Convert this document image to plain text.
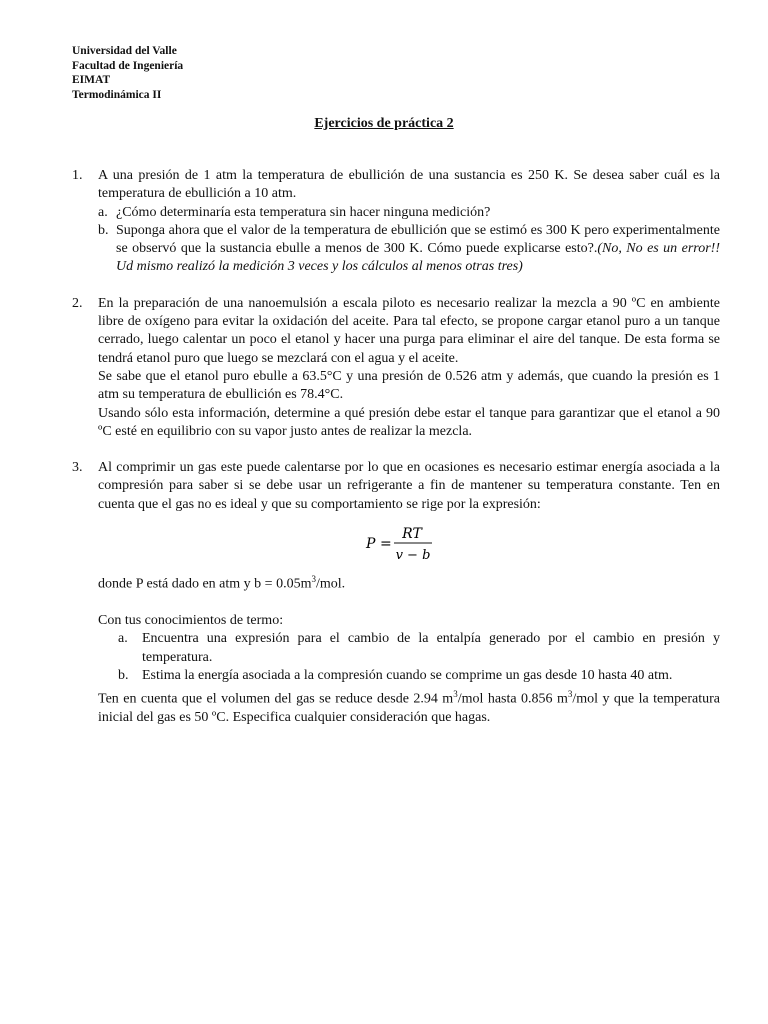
Universidad del Valle
Facultad de Ingeniería
EIMAT
Termodinámica II
Ejercicios de práctica 2
1. A una presión de 1 atm la temperatura de ebullición de una sustancia es 250 K. Se desea saber cuál es la temperatura de ebullición a 10 atm.

a. ¿Cómo determinaría esta temperatura sin hacer ninguna medición?

b. Suponga ahora que el valor de la temperatura de ebullición que se estimó es 300 K pero experimentalmente se observó que la sustancia ebulle a menos de 300 K. Cómo puede explicarse esto?.(No, No es un error!! Ud mismo realizó la medición 3 veces y los cálculos al menos otras tres)

2. En la preparación de una nanoemulsión a escala piloto es necesario realizar la mezcla a 90 ºC en ambiente libre de oxígeno para evitar la oxidación del aceite. Para tal efecto, se propone cargar etanol puro a un tanque cerrado, luego calentar un poco el etanol y hacer una purga para eliminar el aire del tanque. De esta forma se tendrá etanol puro que luego se mezclará con el agua y el aceite.

Se sabe que el etanol puro ebulle a 63.5°C y una presión de 0.526 atm y además, que cuando la presión es 1 atm su temperatura de ebullición es 78.4°C.

Usando sólo esta información, determine a qué presión debe estar el tanque para garantizar que el etanol a 90 ºC esté en equilibrio con su vapor justo antes de realizar la mezcla.

3. Al comprimir un gas este puede calentarse por lo que en ocasiones es necesario estimar energía asociada a la compresión para saber si se debe usar un refrigerante a fin de mantener su temperatura constante. Ten en cuenta que el gas no es ideal y que su comportamiento se rige por la expresión:

P =
RT
v − b

donde P está dado en atm y $b = 0.05m^3$/mol.

Con tus conocimientos de termo:

a. Encuentra una expresión para el cambio de la entalpía generado por el cambio en presión y temperatura.

b. Estima la energía asociada a la compresión cuando se comprime un gas desde 10 hasta 40 atm.

Ten en cuenta que el volumen del gas se reduce desde 2.94 $m^3$/mol hasta 0.856 $m^3$/mol y que la temperatura inicial del gas es 50 ºC. Especifica cualquier consideración que hagas.
